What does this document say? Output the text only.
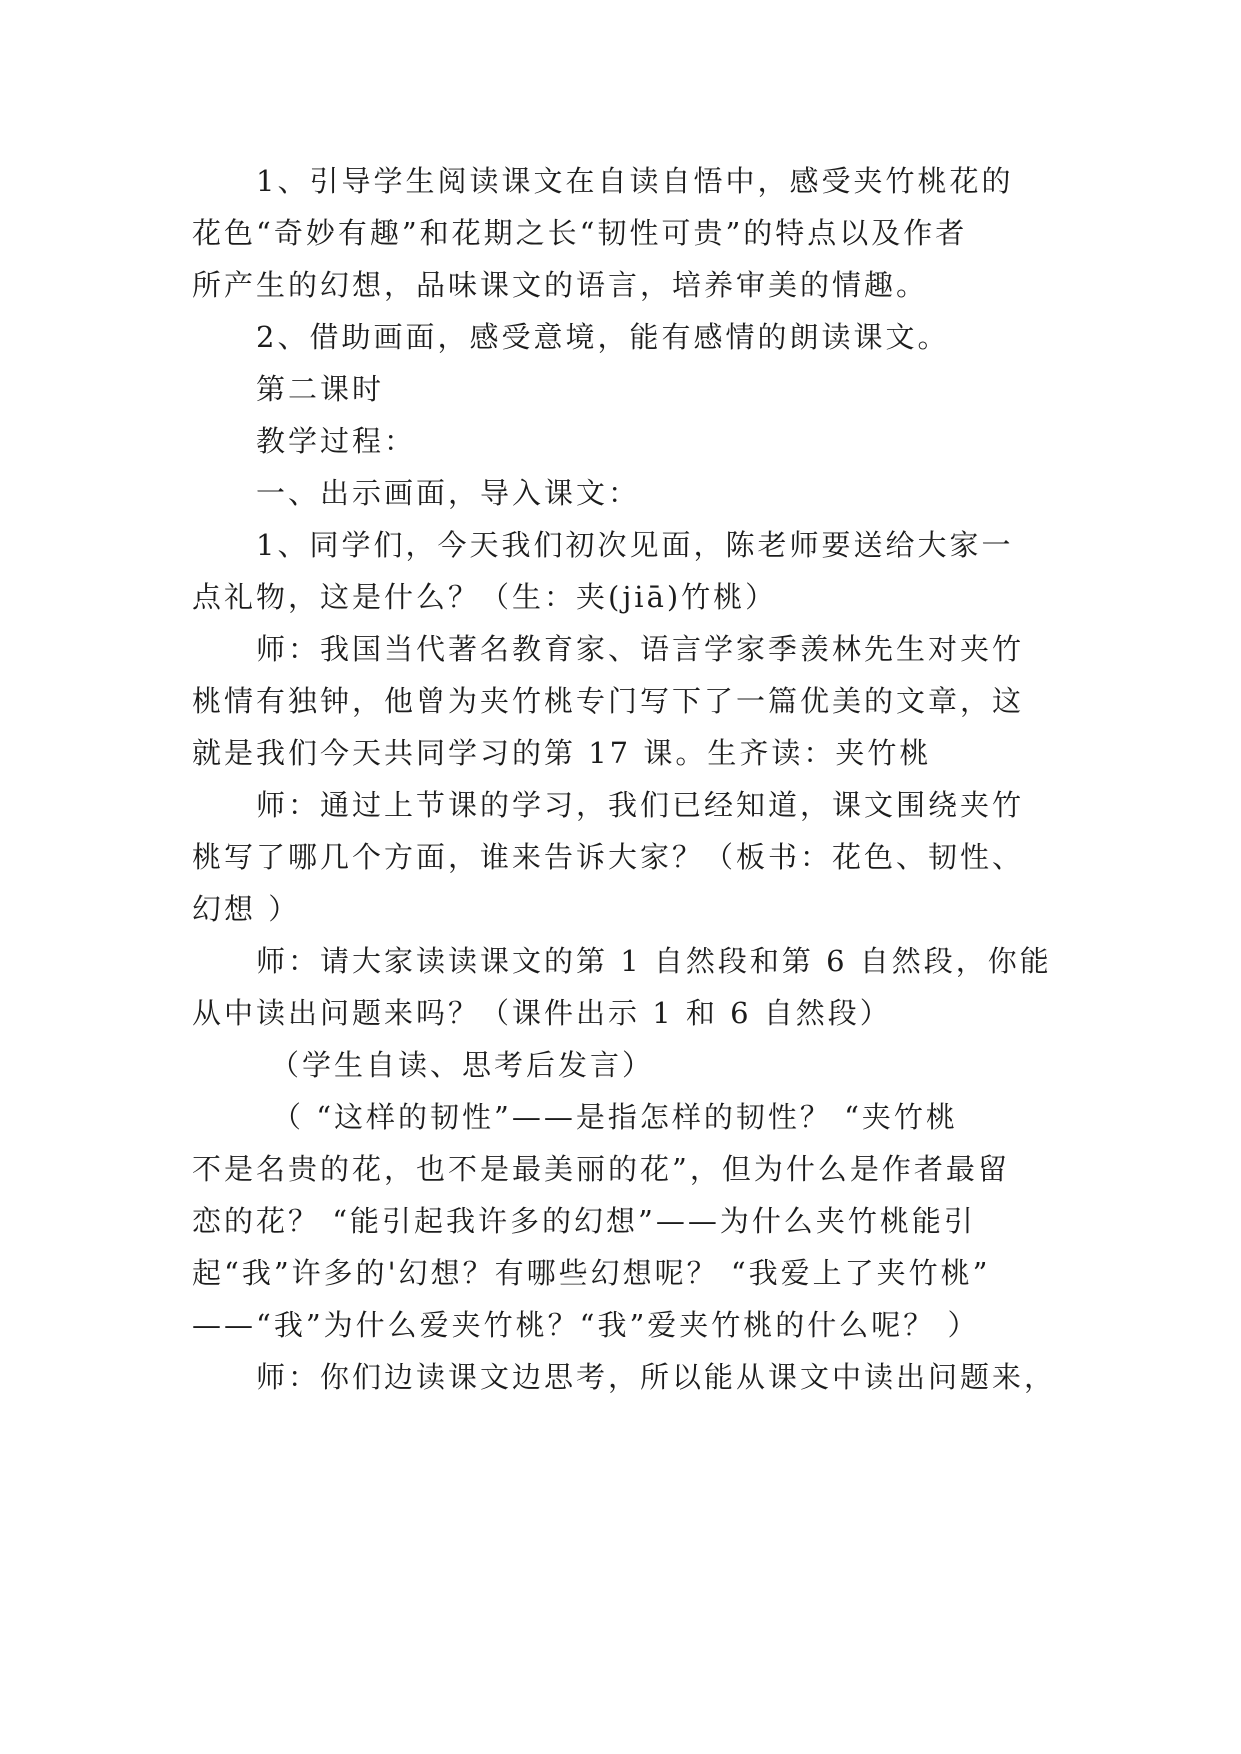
1、引导学生阅读课文在自读自悟中，感受夹竹桃花的
花色“奇妙有趣”和花期之长“韧性可贵”的特点以及作者
所产生的幻想，品味课文的语言，培养审美的情趣。
2、借助画面，感受意境，能有感情的朗读课文。
第二课时
教学过程：
一、出示画面，导入课文：
1、同学们，今天我们初次见面，陈老师要送给大家一
点礼物，这是什么？（生：夹(jiā)竹桃）
师：我国当代著名教育家、语言学家季羡林先生对夹竹
桃情有独钟，他曾为夹竹桃专门写下了一篇优美的文章，这
就是我们今天共同学习的第 17 课。生齐读：夹竹桃
师：通过上节课的学习，我们已经知道，课文围绕夹竹
桃写了哪几个方面，谁来告诉大家？（板书：花色、韧性、
幻想 ）
师：请大家读读课文的第 1 自然段和第 6 自然段，你能
从中读出问题来吗？（课件出示 1 和 6 自然段）
（学生自读、思考后发言）
（ “这样的韧性”——是指怎样的韧性？ “夹竹桃
不是名贵的花，也不是最美丽的花”，但为什么是作者最留
恋的花？ “能引起我许多的幻想”——为什么夹竹桃能引
起“我”许多的'幻想？有哪些幻想呢？ “我爱上了夹竹桃”
——“我”为什么爱夹竹桃？“我”爱夹竹桃的什么呢？ ）
师：你们边读课文边思考，所以能从课文中读出问题来，
